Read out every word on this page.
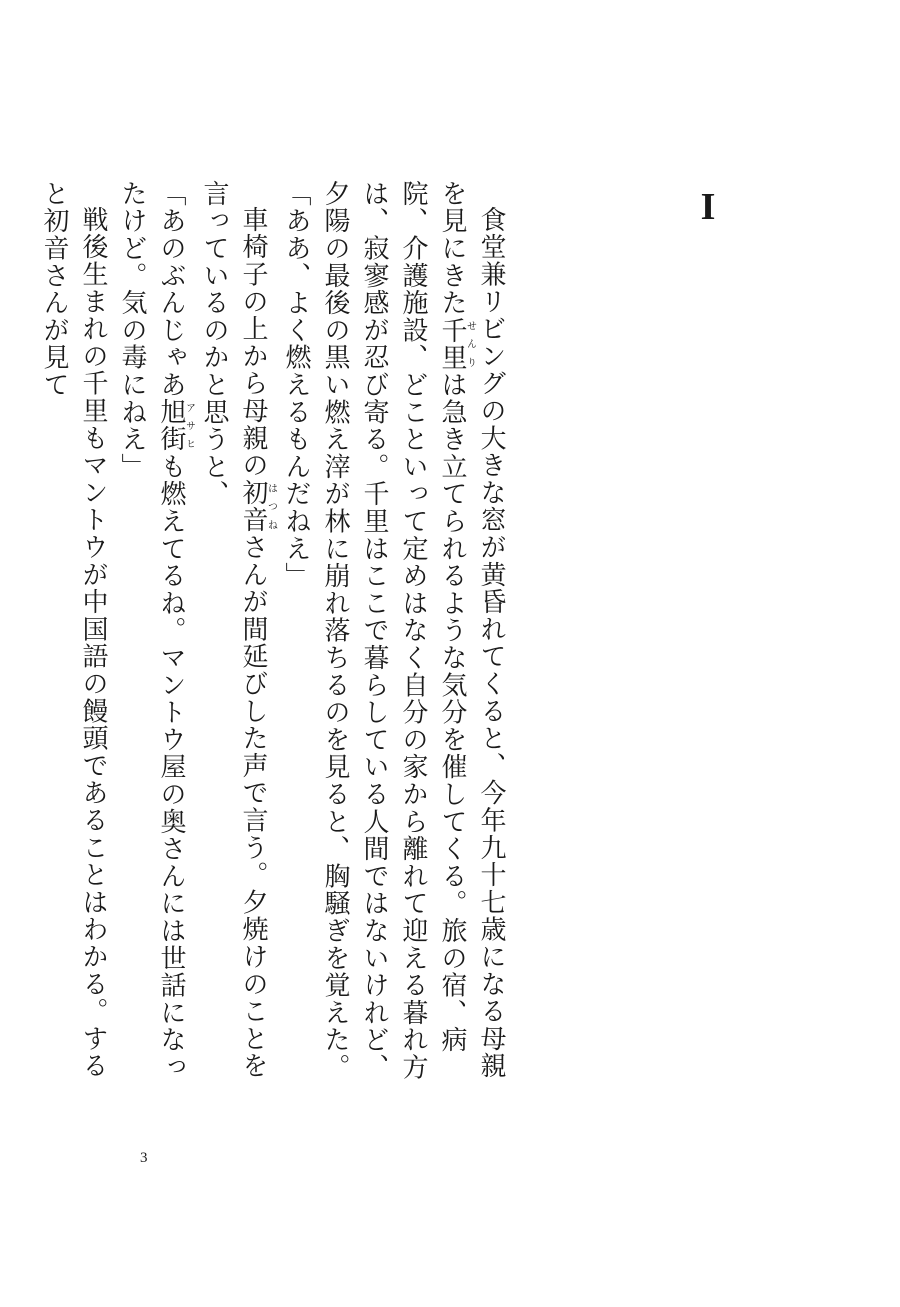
I

食堂兼リビングの大きな窓が黄昏れてくると、今年九十七歳になる母親を見にきた千里せんりは急き立てられるような気分を催してくる。旅の宿、病院、介護施設、どこといって定めはなく自分の家から離れて迎える暮れ方は、寂寥感が忍び寄る。千里はここで暮らしている人間ではないけれど、夕陽の最後の黒い燃え滓が林に崩れ落ちるのを見ると、胸騒ぎを覚えた。

「ああ、よく燃えるもんだねえ」

車椅子の上から母親の初音はつねさんが間延びした声で言う。夕焼けのことを言っているのかと思うと、

「あのぶんじゃあ旭街アサヒも燃えてるね。マントウ屋の奥さんには世話になったけど。気の毒にねえ」

戦後生まれの千里もマントウが中国語の饅頭であることはわかる。すると初音さんが見て

3
